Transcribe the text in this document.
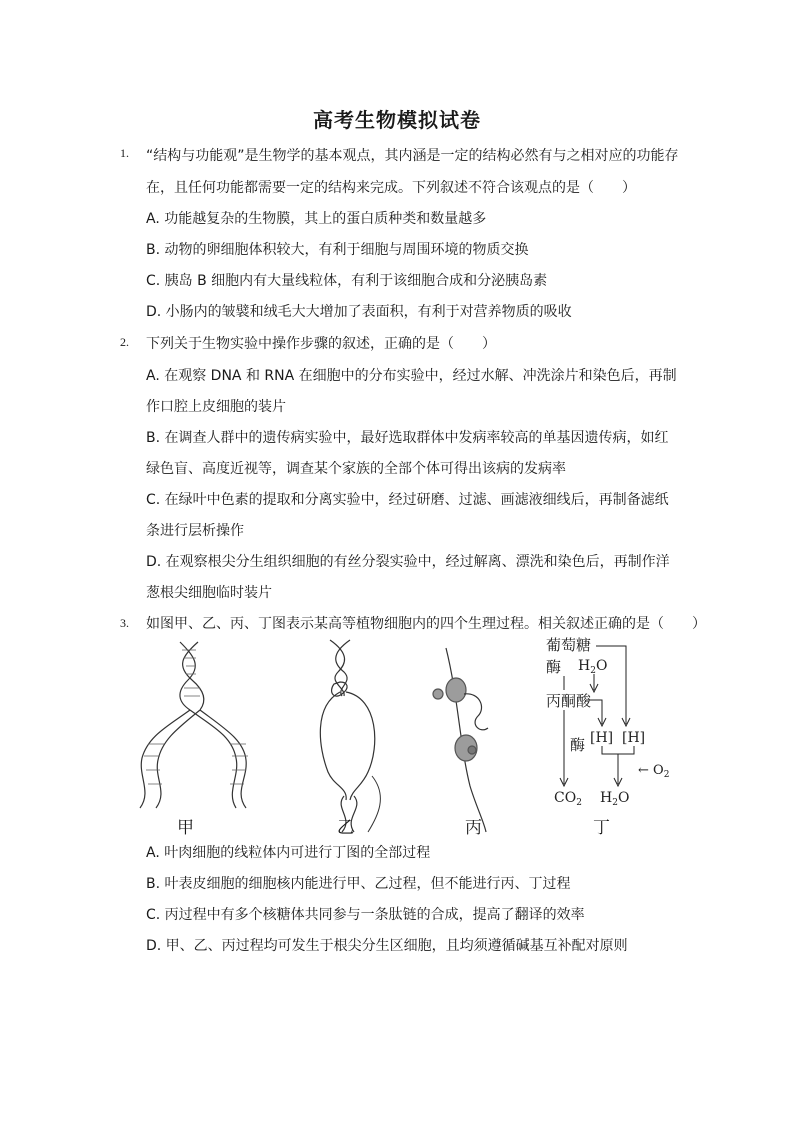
高考生物模拟试卷
1. “结构与功能观”是生物学的基本观点，其内涵是一定的结构必然有与之相对应的功能存
在，且任何功能都需要一定的结构来完成。下列叙述不符合该观点的是（　　）
A. 功能越复杂的生物膜，其上的蛋白质种类和数量越多
B. 动物的卵细胞体积较大，有利于细胞与周围环境的物质交换
C. 胰岛 B 细胞内有大量线粒体，有利于该细胞合成和分泌胰岛素
D. 小肠内的皱襞和绒毛大大增加了表面积，有利于对营养物质的吸收
2. 下列关于生物实验中操作步骤的叙述，正确的是（　　）
A. 在观察 DNA 和 RNA 在细胞中的分布实验中，经过水解、冲洗涂片和染色后，再制
作口腔上皮细胞的装片
B. 在调查人群中的遗传病实验中，最好选取群体中发病率较高的单基因遗传病，如红
绿色盲、高度近视等，调查某个家族的全部个体可得出该病的发病率
C. 在绿叶中色素的提取和分离实验中，经过研磨、过滤、画滤液细线后，再制备滤纸
条进行层析操作
D. 在观察根尖分生组织细胞的有丝分裂实验中，经过解离、漂洗和染色后，再制作洋
葱根尖细胞临时装片
3. 如图甲、乙、丙、丁图表示某高等植物细胞内的四个生理过程。相关叙述正确的是（　　）
葡萄糖
酶 $H_2O$
丙酮酸
[H] [H]
酶
← $O_2$
$CO_2$ $H_2O$
甲	乙	丙	丁
A. 叶肉细胞的线粒体内可进行丁图的全部过程
B. 叶表皮细胞的细胞核内能进行甲、乙过程，但不能进行丙、丁过程
C. 丙过程中有多个核糖体共同参与一条肽链的合成，提高了翻译的效率
D. 甲、乙、丙过程均可发生于根尖分生区细胞，且均须遵循碱基互补配对原则
